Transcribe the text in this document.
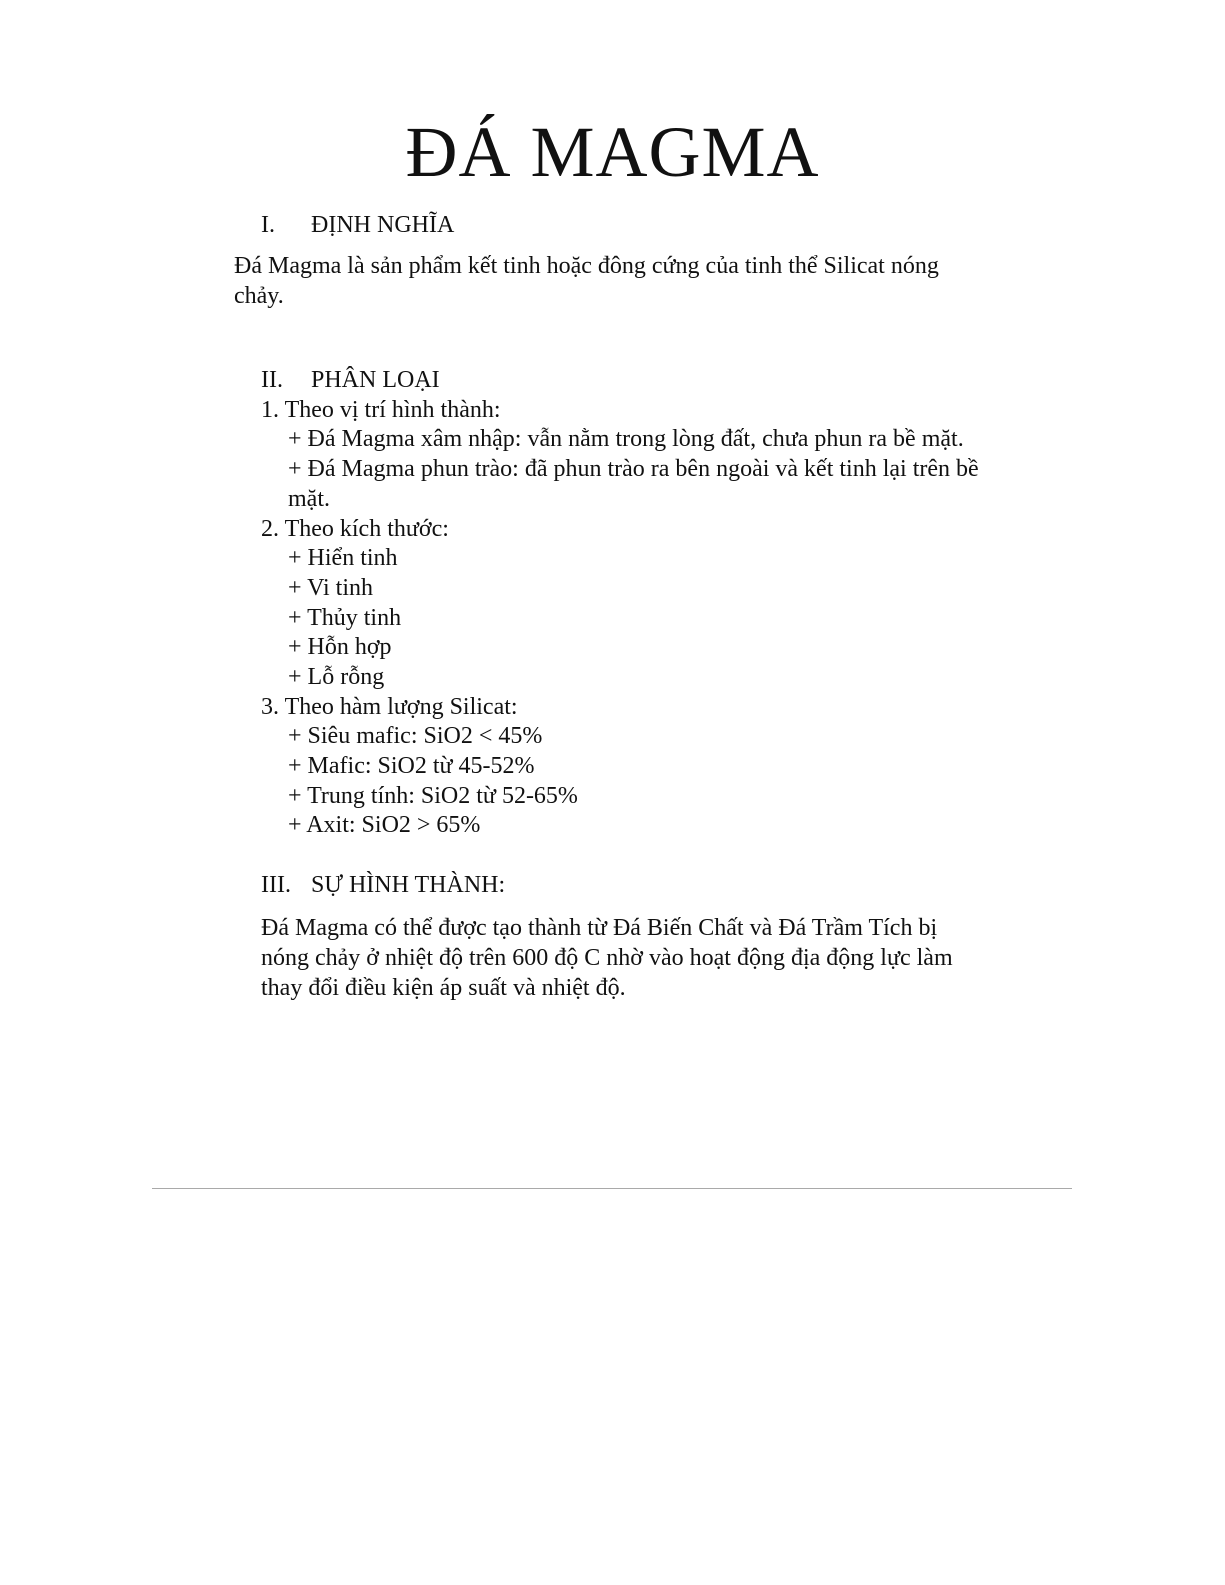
ĐÁ MAGMA
I. ĐỊNH NGHĨA

Đá Magma là sản phẩm kết tinh hoặc đông cứng của tinh thể Silicat nóng

chảy.

II. PHÂN LOẠI

1. Theo vị trí hình thành:

+ Đá Magma xâm nhập: vẫn nằm trong lòng đất, chưa phun ra bề mặt.

+ Đá Magma phun trào: đã phun trào ra bên ngoài và kết tinh lại trên bề

mặt.

2. Theo kích thước:

+ Hiển tinh

+ Vi tinh

+ Thủy tinh

+ Hỗn hợp

+ Lỗ rỗng

3. Theo hàm lượng Silicat:

+ Siêu mafic: SiO2 < 45%

+ Mafic: SiO2 từ 45-52%

+ Trung tính: SiO2 từ 52-65%

+ Axit: SiO2 > 65%

III. SỰ HÌNH THÀNH:

Đá Magma có thể được tạo thành từ Đá Biến Chất và Đá Trầm Tích bị

nóng chảy ở nhiệt độ trên 600 độ C nhờ vào hoạt động địa động lực làm

thay đổi điều kiện áp suất và nhiệt độ.
